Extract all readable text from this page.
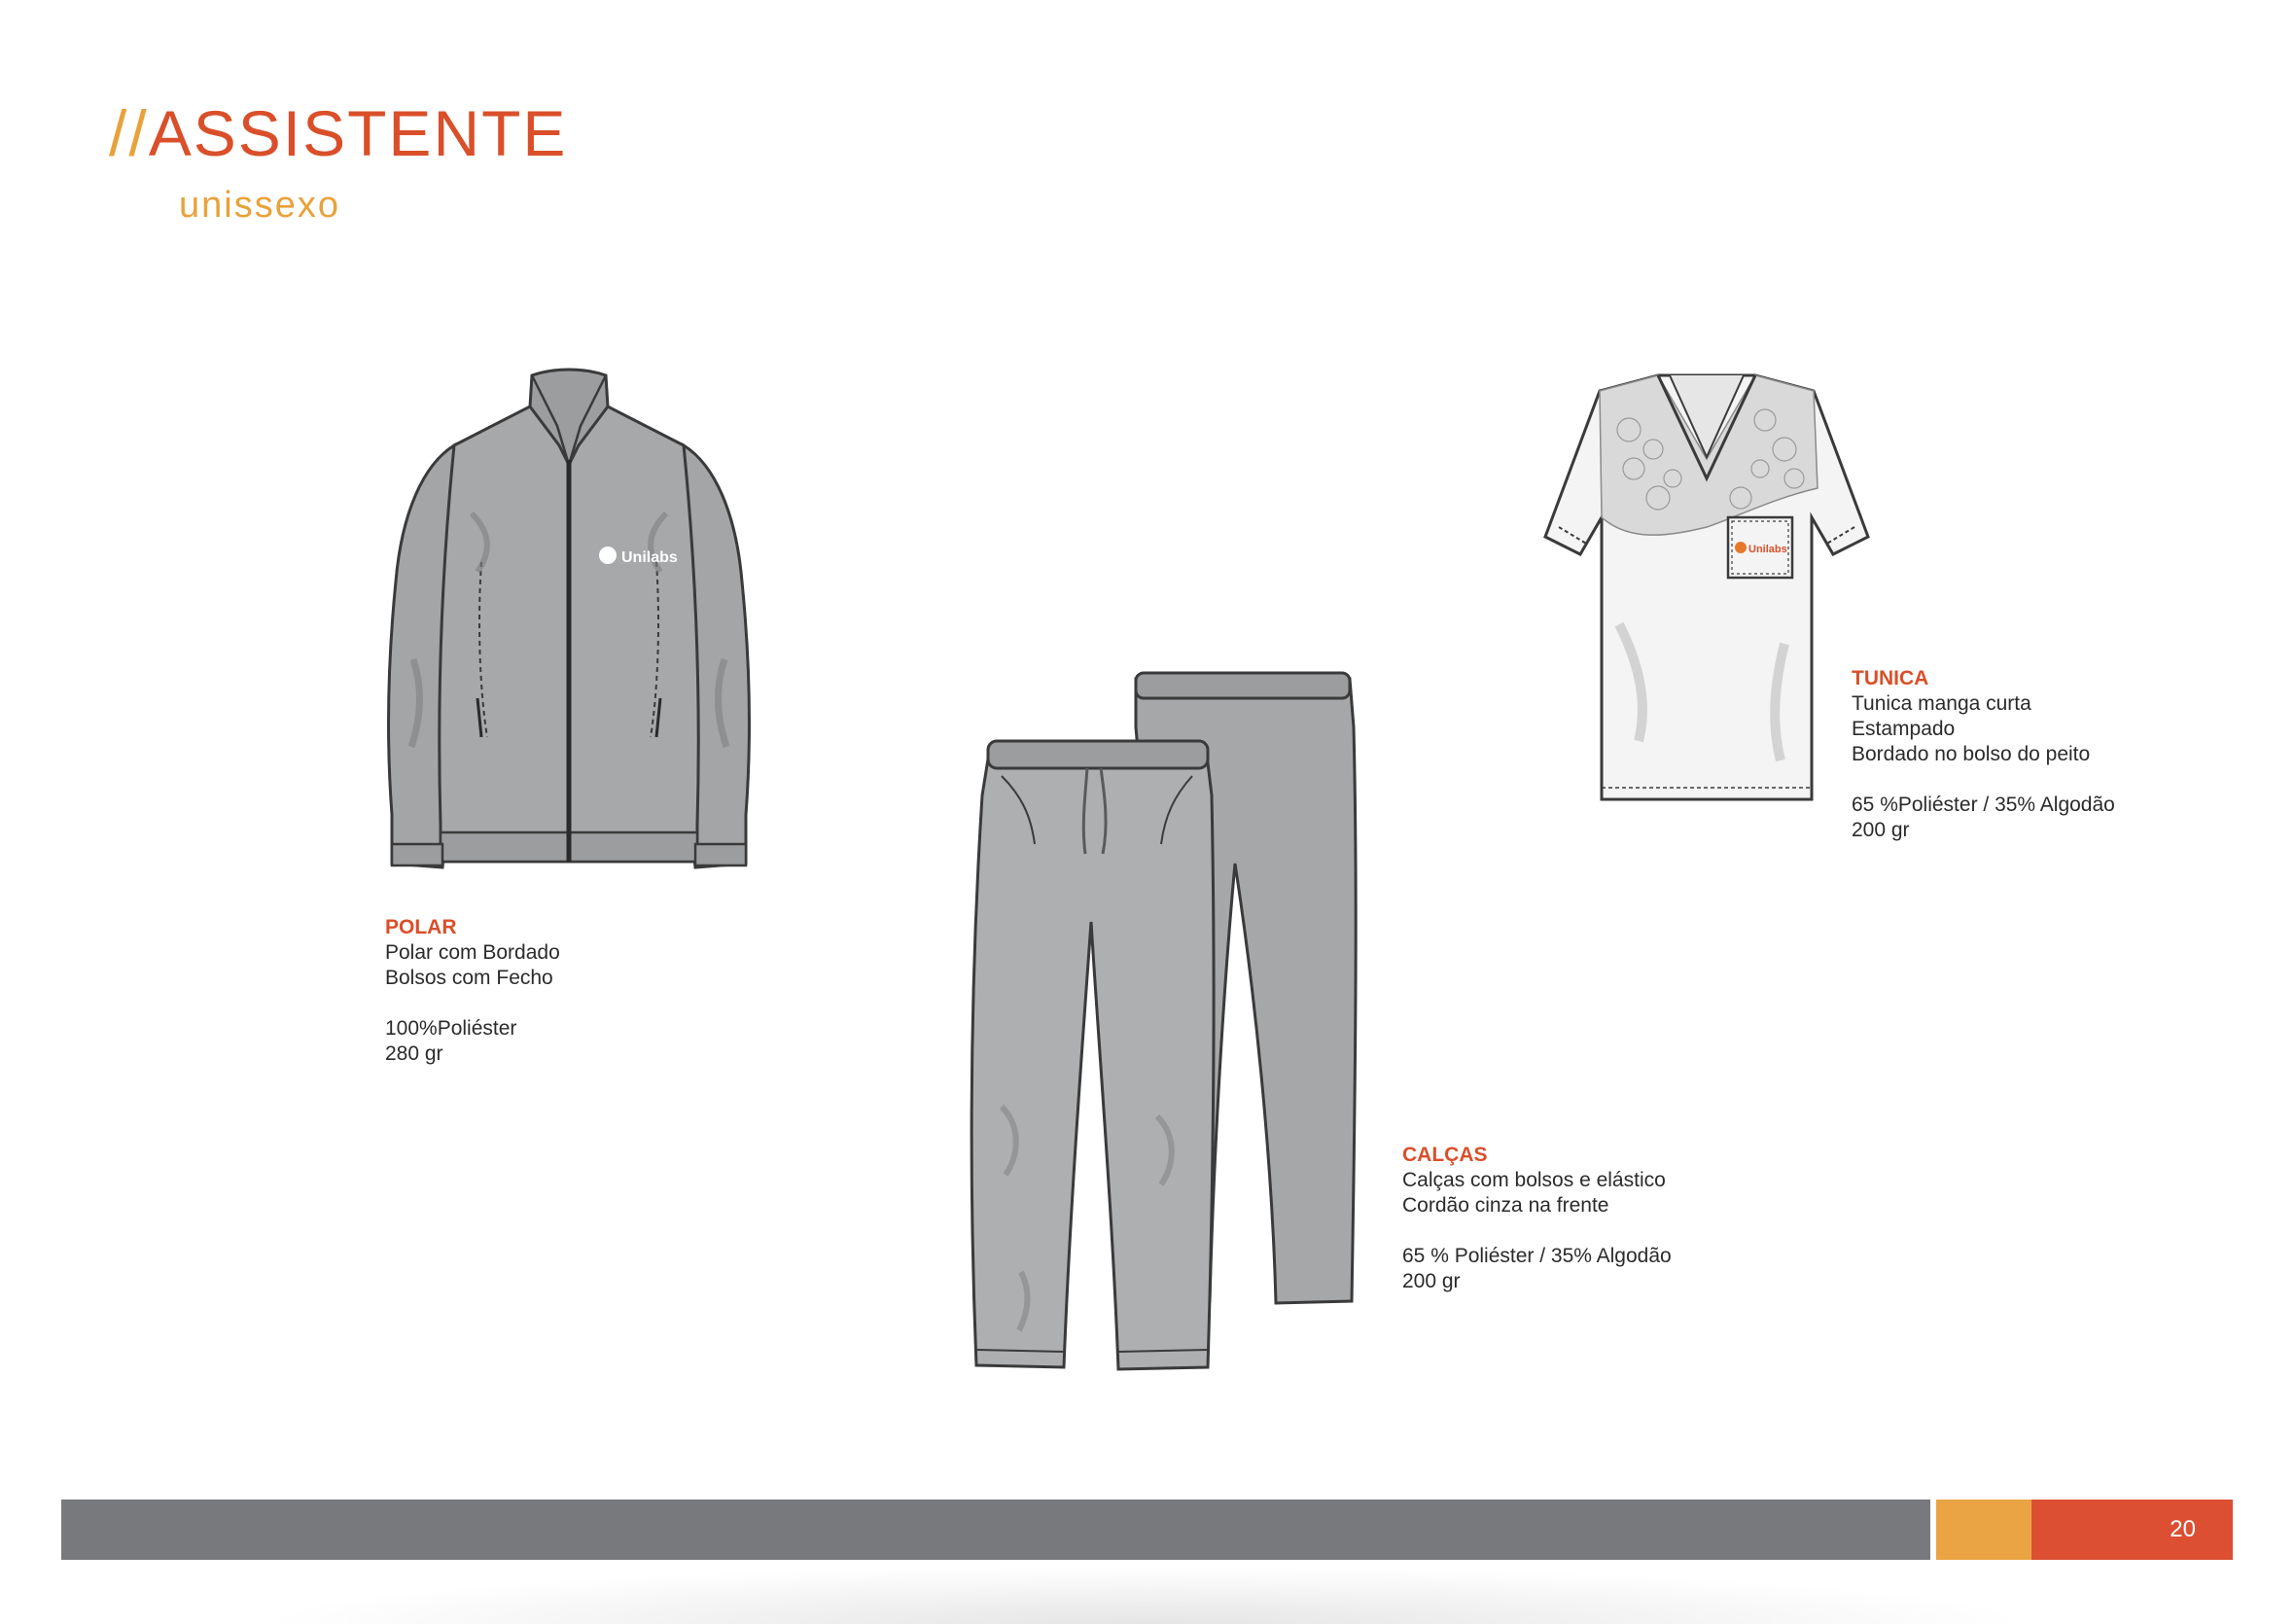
//ASSISTENTE
unissexo
Unilabs	Unilabs
POLAR
Polar com Bordado
Bolsos com Fecho
100%Poliéster
280 gr
CALÇAS
Calças com bolsos e elástico
Cordão cinza na frente
65 % Poliéster / 35% Algodão
200 gr
TUNICA
Tunica manga curta
Estampado
Bordado no bolso do peito
65 %Poliéster / 35% Algodão
200 gr
20
